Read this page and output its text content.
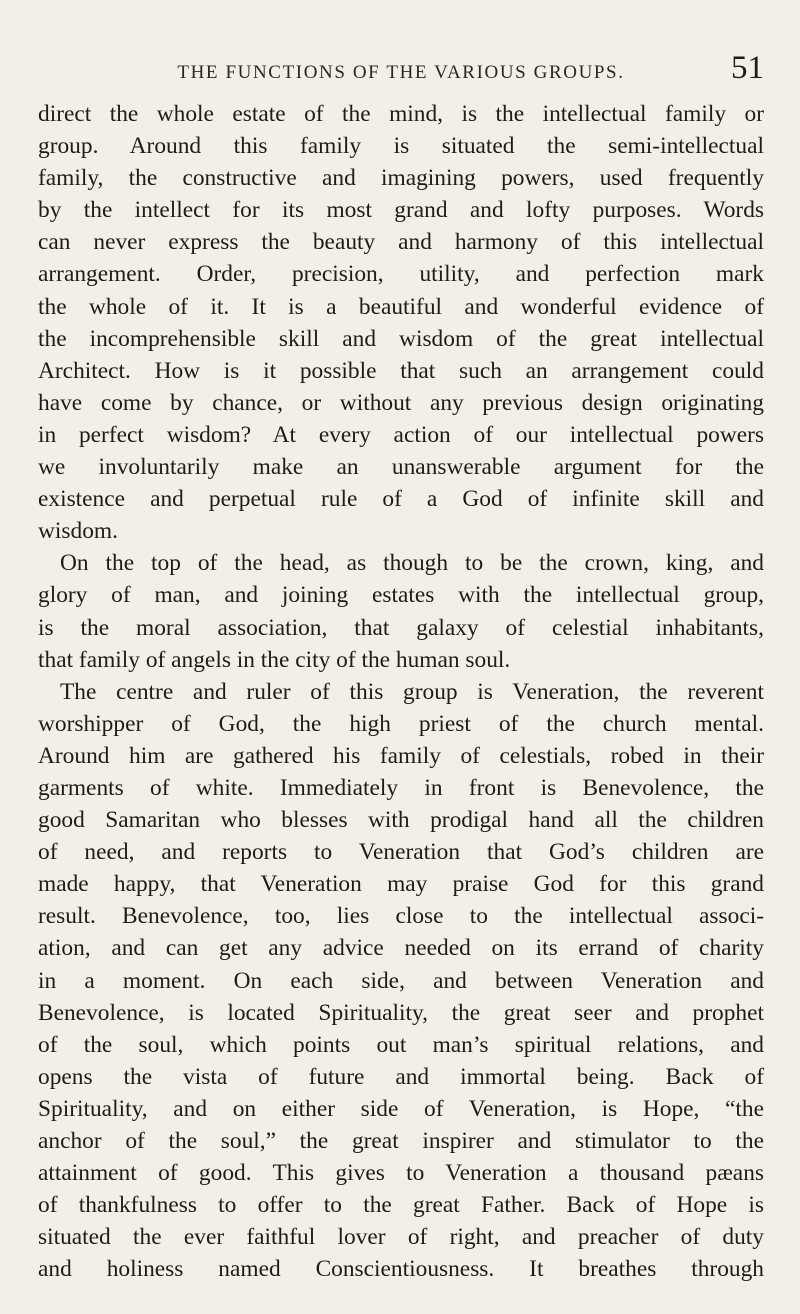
THE FUNCTIONS OF THE VARIOUS GROUPS.	51
direct the whole estate of the mind, is the intellectual family or
group. Around this family is situated the semi-intellectual
family, the constructive and imagining powers, used frequently
by the intellect for its most grand and lofty purposes. Words
can never express the beauty and harmony of this intellectual
arrangement. Order, precision, utility, and perfection mark
the whole of it. It is a beautiful and wonderful evidence of
the incomprehensible skill and wisdom of the great intellectual
Architect. How is it possible that such an arrangement could
have come by chance, or without any previous design originating
in perfect wisdom? At every action of our intellectual powers
we involuntarily make an unanswerable argument for the
existence and perpetual rule of a God of infinite skill and
wisdom.
On the top of the head, as though to be the crown, king, and
glory of man, and joining estates with the intellectual group,
is the moral association, that galaxy of celestial inhabitants,
that family of angels in the city of the human soul.
The centre and ruler of this group is Veneration, the reverent
worshipper of God, the high priest of the church mental.
Around him are gathered his family of celestials, robed in their
garments of white. Immediately in front is Benevolence, the
good Samaritan who blesses with prodigal hand all the children
of need, and reports to Veneration that God’s children are
made happy, that Veneration may praise God for this grand
result. Benevolence, too, lies close to the intellectual associ-
ation, and can get any advice needed on its errand of charity
in a moment. On each side, and between Veneration and
Benevolence, is located Spirituality, the great seer and prophet
of the soul, which points out man’s spiritual relations, and
opens the vista of future and immortal being. Back of
Spirituality, and on either side of Veneration, is Hope, “the
anchor of the soul,” the great inspirer and stimulator to the
attainment of good. This gives to Veneration a thousand pæans
of thankfulness to offer to the great Father. Back of Hope is
situated the ever faithful lover of right, and preacher of duty
and holiness named Conscientiousness. It breathes through
